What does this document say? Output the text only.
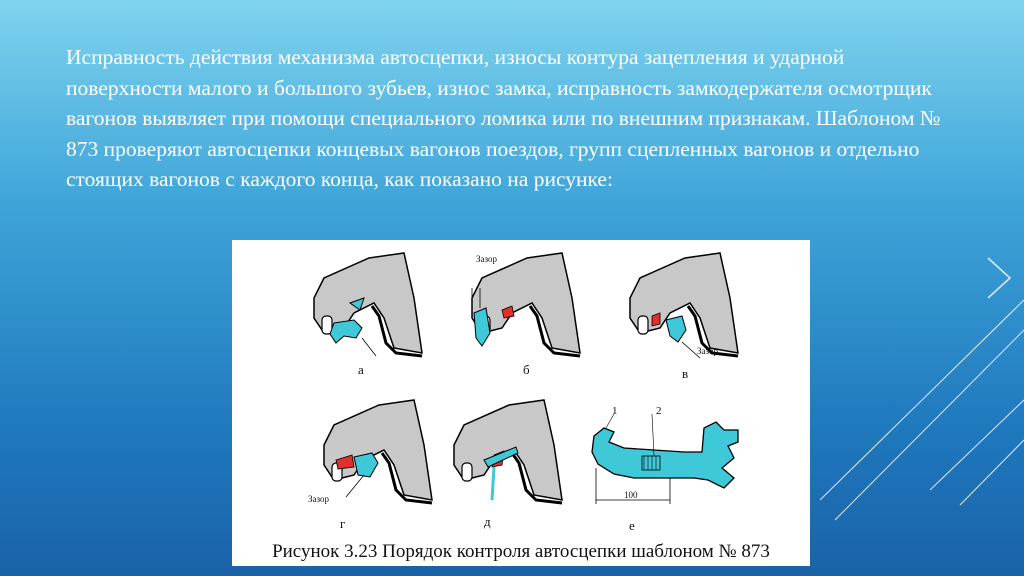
Исправность действия механизма автосцепки, износы контура зацепления и ударной поверхности малого и большого зубьев, износ замка, исправность замкодержателя осмотрщик вагонов выявляет при помощи специального ломика или по внешним признакам. Шаблоном № 873 проверяют автосцепки концевых вагонов поездов, групп сцепленных вагонов и отдельно стоящих вагонов с каждого конца, как показано на рисунке:
Зазор
Зазор
Зазор
1	2
100
а	б	в
г	д	е
Рисунок 3.23 Порядок контроля автосцепки шаблоном № 873
